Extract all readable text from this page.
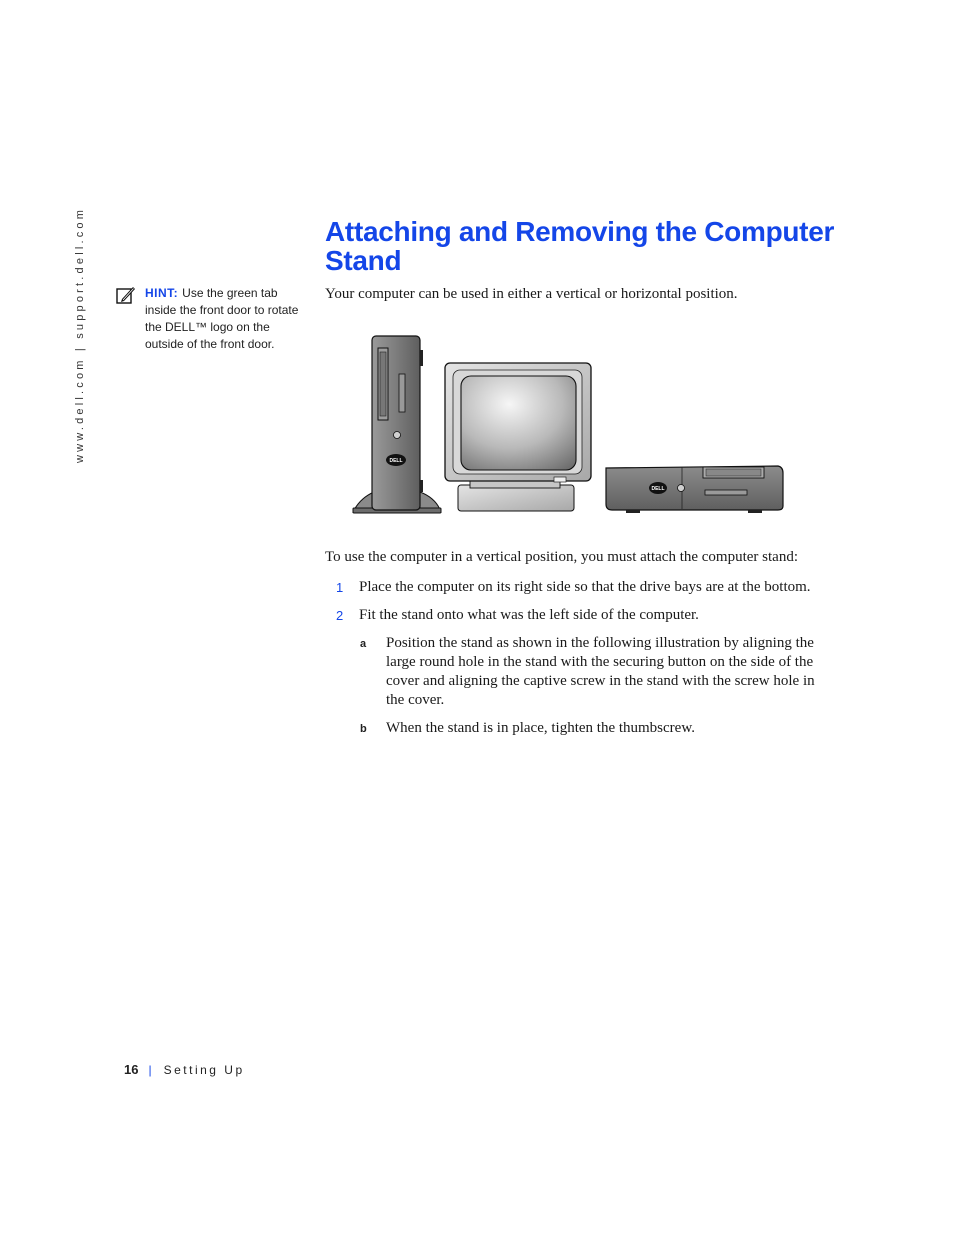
www.dell.com | support.dell.com	HINT: Use the green tab inside the front door to rotate the DELL™ logo on the outside of the front door.
Attaching and Removing the Computer Stand

Your computer can be used in either a vertical or horizontal position.

DELL
DELL

To use the computer in a vertical position, you must attach the computer stand:

1 Place the computer on its right side so that the drive bays are at the bottom.
2 Fit the stand onto what was the left side of the computer.
a Position the stand as shown in the following illustration by aligning the large round hole in the stand with the securing button on the side of the cover and aligning the captive screw in the stand with the screw hole in the cover.
b When the stand is in place, tighten the thumbscrew.
16 | Setting Up
